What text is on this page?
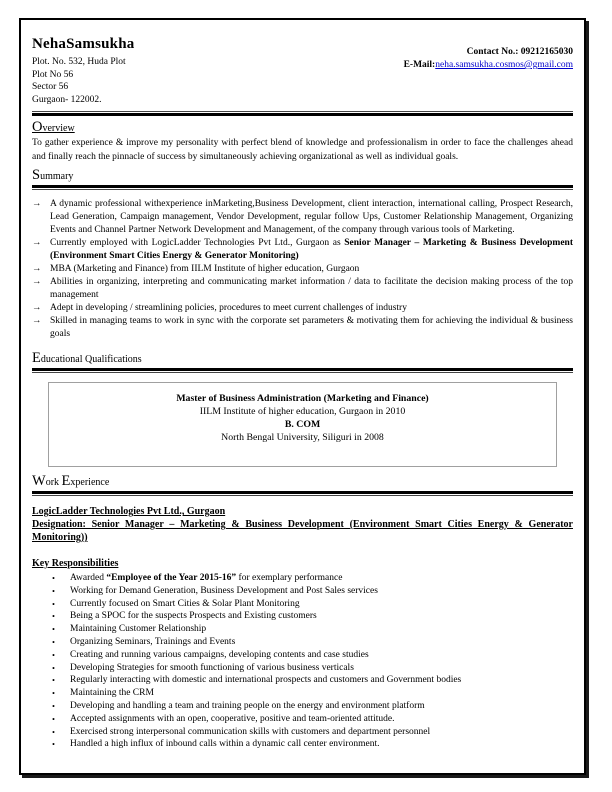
NehaSamsukha

Plot. No. 532, Huda Plot

Plot No 56

Sector 56

Gurgaon- 122002.

Contact No.: 09212165030

E-Mail:neha.samsukha.cosmos@gmail.com

Overview

To gather experience & improve my personality with perfect blend of knowledge and professionalism in order to face the challenges ahead and finally reach the pinnacle of success by simultaneously achieving organizational as well as individual goals.

Summary
→ A dynamic professional withexperience inMarketing,Business Development, client interaction, international calling, Prospect Research, Lead Generation, Campaign management, Vendor Development, regular follow Ups, Customer Relationship Management, Organizing Events and Channel Partner Network Development and Management, of the company through various tools of Marketing.
→ Currently employed with LogicLadder Technologies Pvt Ltd., Gurgaon as Senior Manager – Marketing & Business Development (Environment Smart Cities Energy & Generator Monitoring)
→ MBA (Marketing and Finance) from IILM Institute of higher education, Gurgaon
→ Abilities in organizing, interpreting and communicating market information / data to facilitate the decision making process of the top management
→ Adept in developing / streamlining policies, procedures to meet current challenges of industry
→ Skilled in managing teams to work in sync with the corporate set parameters & motivating them for achieving the individual & business goals
Educational Qualifications

Master of Business Administration (Marketing and Finance)

IILM Institute of higher education, Gurgaon in 2010

B. COM

North Bengal University, Siliguri in 2008

Work Experience

LogicLadder Technologies Pvt Ltd., Gurgaon

Designation: Senior Manager – Marketing & Business Development (Environment Smart Cities Energy & Generator Monitoring))

Key Responsibilities

•	Awarded “Employee of the Year 2015-16” for exemplary performance
•	Working for Demand Generation, Business Development and Post Sales services
•	Currently focused on Smart Cities & Solar Plant Monitoring
•	Being a SPOC for the suspects Prospects and Existing customers
•	Maintaining Customer Relationship
•	Organizing Seminars, Trainings and Events
•	Creating and running various campaigns, developing contents and case studies
•	Developing Strategies for smooth functioning of various business verticals
•	Regularly interacting with domestic and international prospects and customers and Government bodies
•	Maintaining the CRM
•	Developing and handling a team and training people on the energy and environment platform
•	Accepted assignments with an open, cooperative, positive and team-oriented attitude.
•	Exercised strong interpersonal communication skills with customers and department personnel
•	Handled a high influx of inbound calls within a dynamic call center environment.
